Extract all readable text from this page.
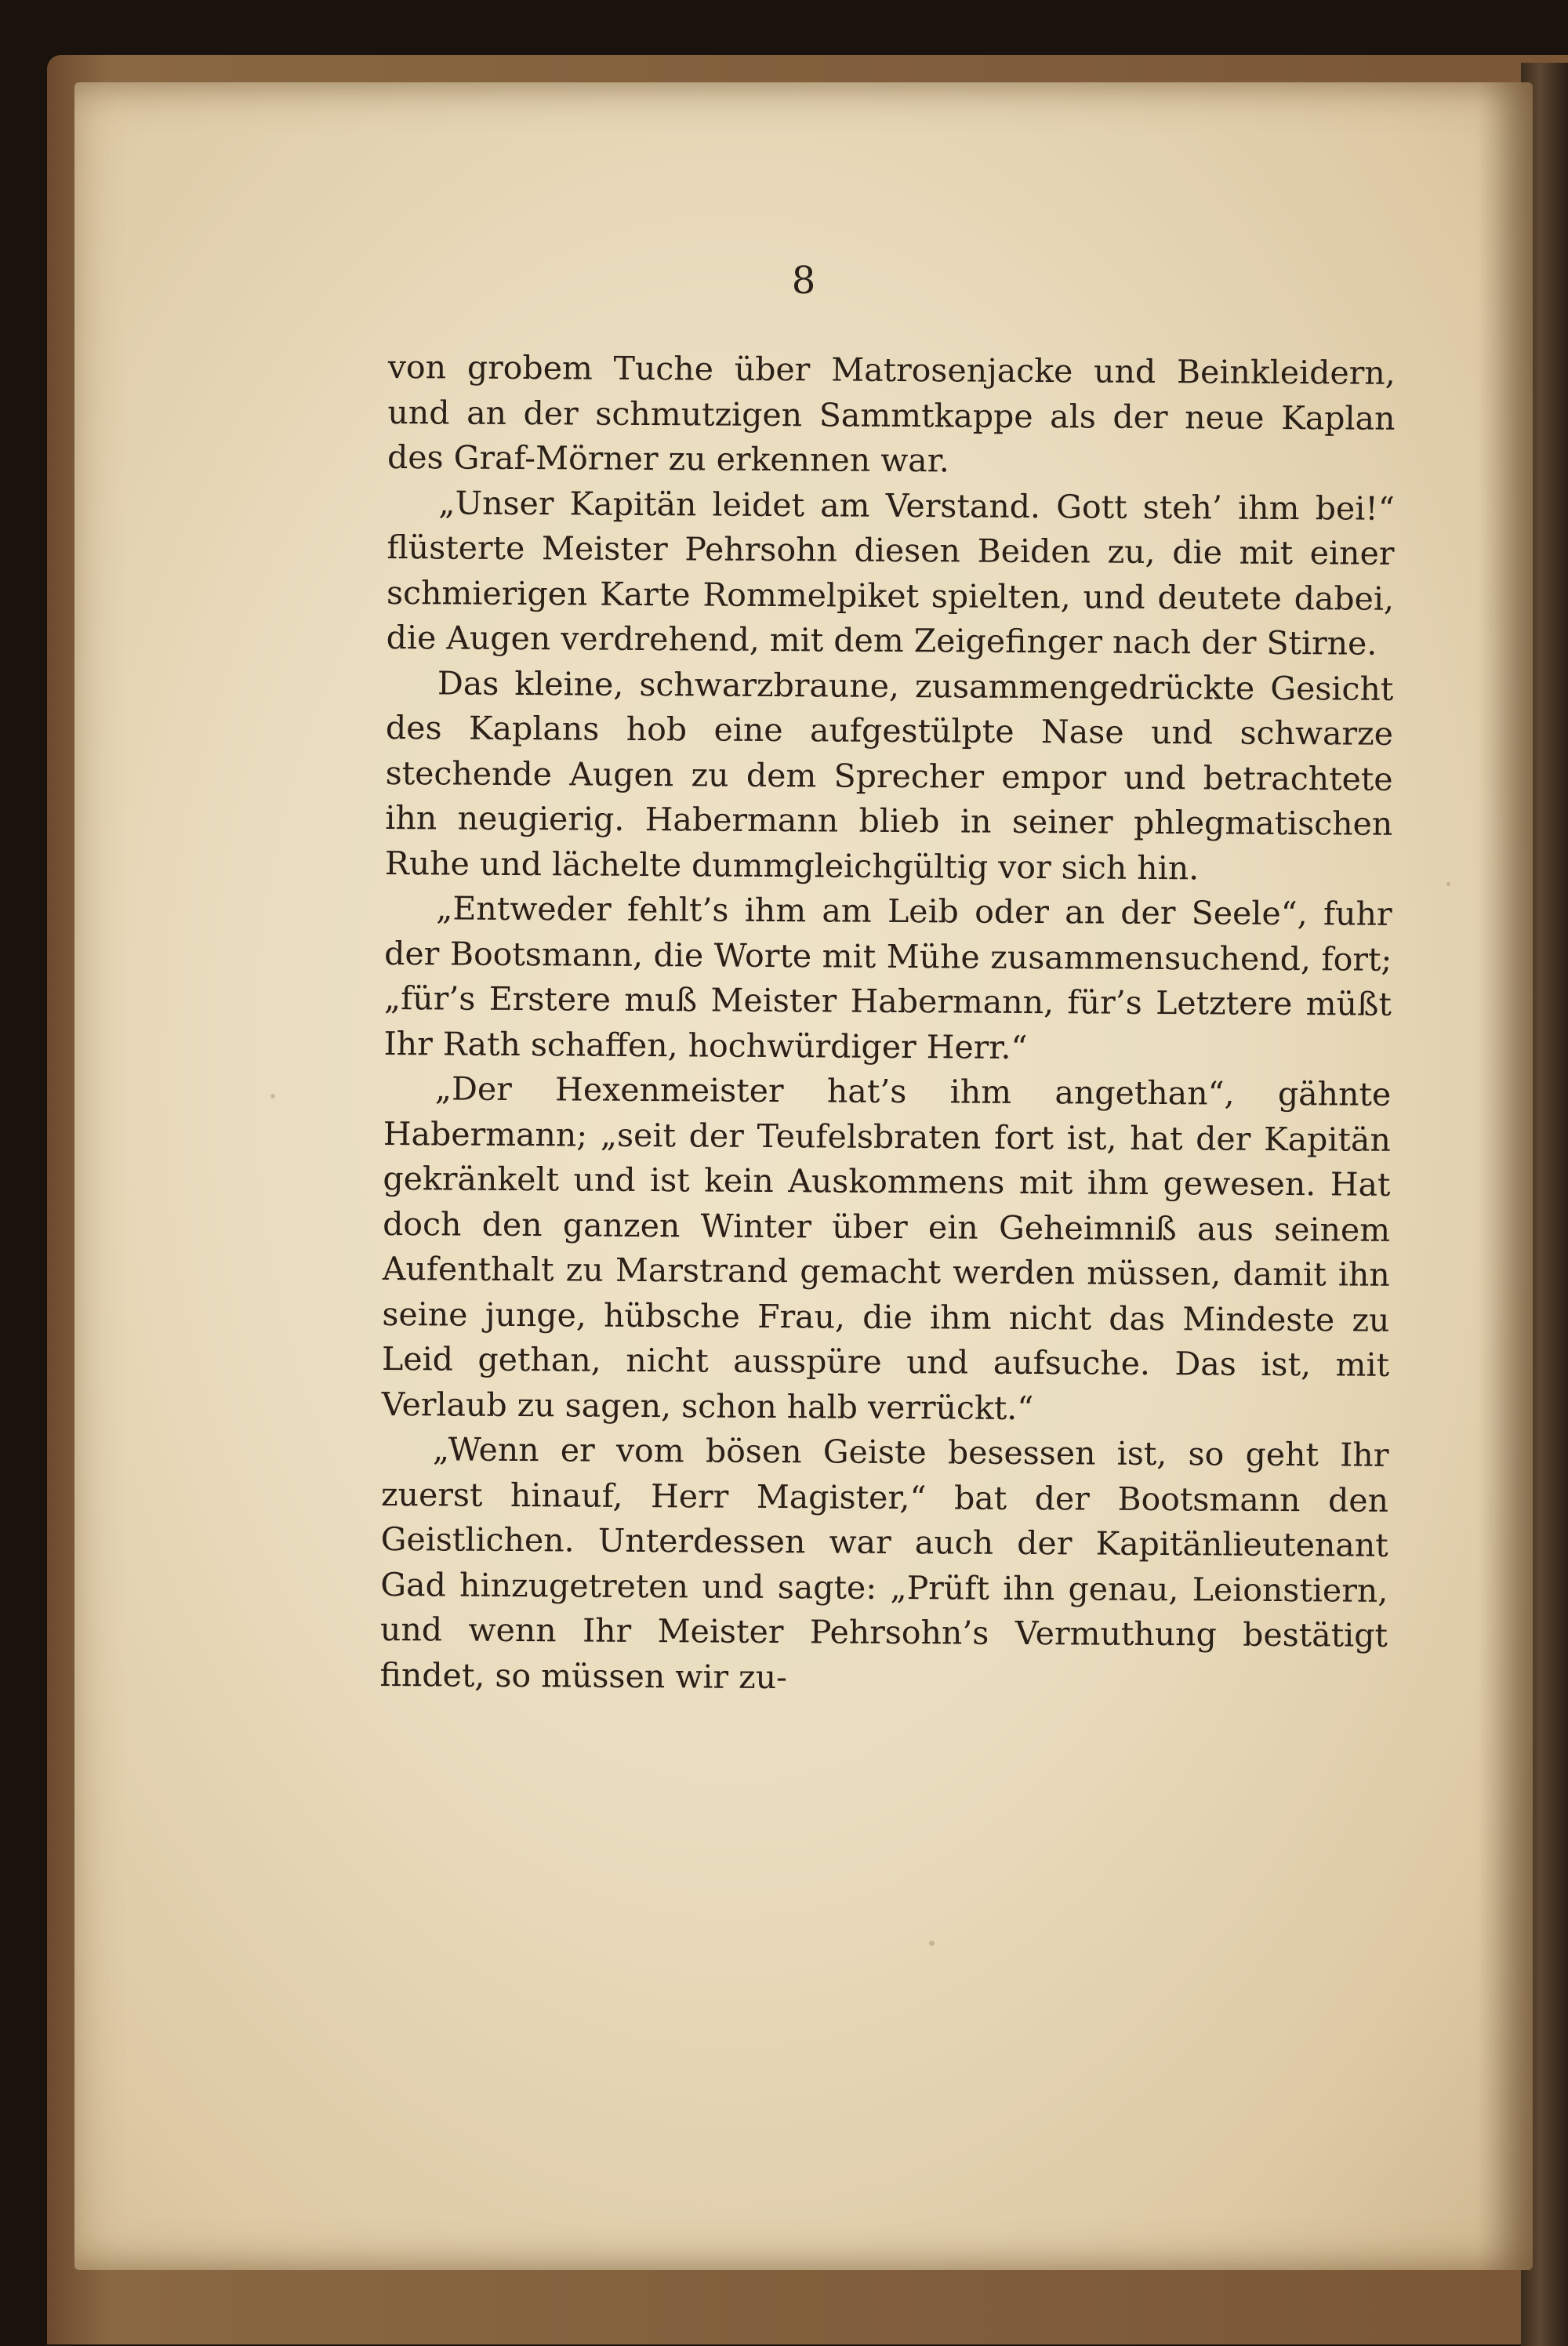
8

von grobem Tuche über Matrosenjacke und Beinkleidern, und an der schmutzigen Sammtkappe als der neue Kaplan des Graf-Mörner zu erkennen war.

„Unser Kapitän leidet am Verstand. Gott steh’ ihm bei!“ flüsterte Meister Pehrsohn diesen Beiden zu, die mit einer schmierigen Karte Rommelpiket spielten, und deutete dabei, die Augen verdrehend, mit dem Zeigefinger nach der Stirne.

Das kleine, schwarzbraune, zusammengedrückte Gesicht des Kaplans hob eine aufgestülpte Nase und schwarze stechende Augen zu dem Sprecher empor und betrachtete ihn neugierig. Habermann blieb in seiner phlegmatischen Ruhe und lächelte dummgleichgültig vor sich hin.

„Entweder fehlt’s ihm am Leib oder an der Seele“, fuhr der Bootsmann, die Worte mit Mühe zusammensuchend, fort; „für’s Erstere muß Meister Habermann, für’s Letztere müßt Ihr Rath schaffen, hochwürdiger Herr.“

„Der Hexenmeister hat’s ihm angethan“, gähnte Habermann; „seit der Teufelsbraten fort ist, hat der Kapitän gekränkelt und ist kein Auskommens mit ihm gewesen. Hat doch den ganzen Winter über ein Geheimniß aus seinem Aufenthalt zu Marstrand gemacht werden müssen, damit ihn seine junge, hübsche Frau, die ihm nicht das Mindeste zu Leid gethan, nicht ausspüre und aufsuche. Das ist, mit Verlaub zu sagen, schon halb verrückt.“

„Wenn er vom bösen Geiste besessen ist, so geht Ihr zuerst hinauf, Herr Magister,“ bat der Bootsmann den Geistlichen. Unterdessen war auch der Kapitänlieutenant Gad hinzugetreten und sagte: „Prüft ihn genau, Leionstiern, und wenn Ihr Meister Pehrsohn’s Vermuthung bestätigt findet, so müssen wir zu-
